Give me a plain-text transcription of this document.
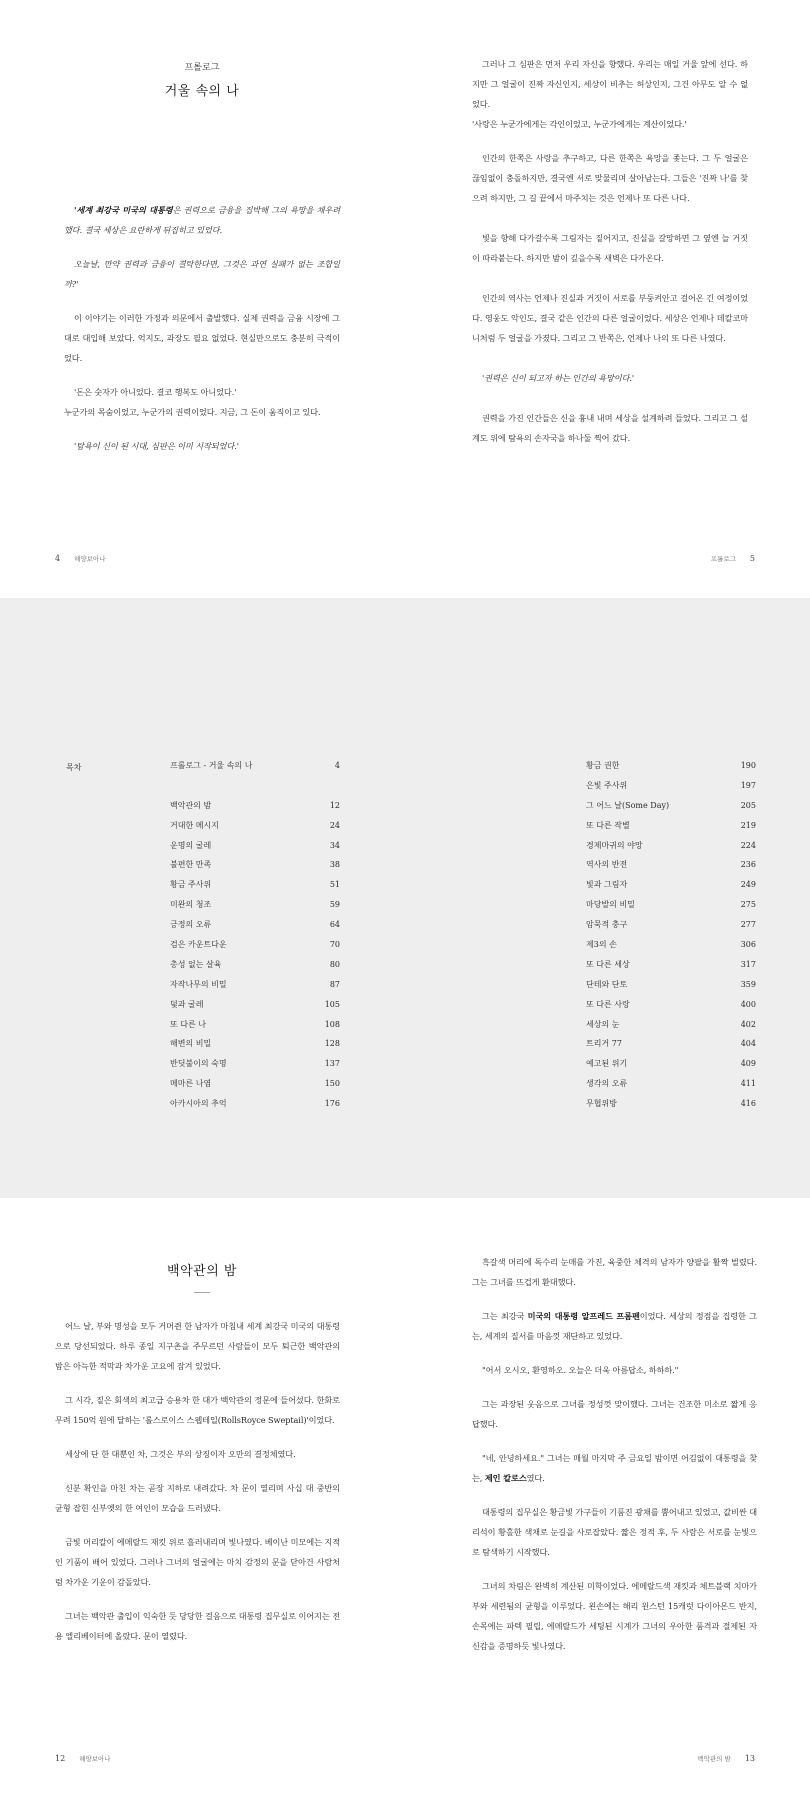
프롤로그
거울 속의 나

'세계 최강국 미국의 대통령은 권력으로 금융을 집박해 그의 욕망을 채우려 했다. 결국 세상은 요란하게 뒤집히고 있었다.

오늘날, 만약 권력과 금융이 결탁한다면, 그것은 과연 실패가 없는 조합일까?'

이 이야기는 이러한 가정과 의문에서 출발했다. 실제 권력을 금융 시장에 그대로 대입해 보았다. 억지도, 과장도 필요 없었다. 현실만으로도 충분히 극적이었다.

'돈은 숫자가 아니었다. 결코 행복도 아니었다.'
누군가의 목숨이었고, 누군가의 권력이었다. 지금, 그 돈이 움직이고 있다.

'탐욕이 신이 된 시대, 심판은 이미 시작되었다.'

그러나 그 심판은 먼저 우리 자신을 향했다. 우리는 매일 거울 앞에 선다. 하지만 그 얼굴이 진짜 자신인지, 세상이 비추는 허상인지, 그건 아무도 알 수 없었다.
'사랑은 누군가에게는 각인이었고, 누군가에게는 계산이었다.'

인간의 한쪽은 사랑을 추구하고, 다른 한쪽은 욕망을 좇는다. 그 두 얼굴은 끊임없이 충돌하지만, 결국엔 서로 맞물리며 살아남는다. 그들은 '진짜 나'를 찾으려 하지만, 그 길 끝에서 마주치는 것은 언제나 또 다른 나다.

빛을 향해 다가갈수록 그림자는 짙어지고, 진실을 갈망하면 그 옆엔 늘 거짓이 따라붙는다. 하지만 밤이 깊을수록 새벽은 다가온다.

인간의 역사는 언제나 진실과 거짓이 서로를 부둥켜안고 걸어온 긴 여정이었다. 영웅도 악인도, 결국 같은 인간의 다른 얼굴이었다. 세상은 언제나 데칼코마니처럼 두 얼굴을 가졌다. 그리고 그 반쪽은, 언제나 나의 또 다른 나였다.

'권력은 신이 되고자 하는 인간의 욕망이다.'

권력을 가진 인간들은 신을 흉내 내며 세상을 설계하려 들었다. 그리고 그 설계도 위에 탐욕의 손자국을 하나둘 찍어 갔다.

4 해양보아나	프롤로그 5
목차	프롤로그 - 거울 속의 나	4
백악관의 밤	12
거대한 메시지	24
운명의 굴레	34
불편한 만족	38
황금 주사위	51
미완의 청조	59
긍정의 오류	64
검은 카운트다운	70
총성 없는 살육	80
자작나무의 비밀	87
덫과 굴레	105
또 다른 나	108
해변의 비밀	128
반딧불이의 숙명	137
메마른 나염	150
아카시아의 추억	176
황금 권한	190
은빛 주사위	197
그 어느 날(Some Day)	205
또 다른 작별	219
경제마귀의 야망	224
역사의 반전	236
빛과 그림자	249
마당발의 비밀	275
암묵적 충구	277
제3의 손	306
또 다른 세상	317
단테와 단토	359
또 다른 사랑	400
세상의 눈	402
트리거 77	404
예고된 위기	409
생각의 오류	411
무협위방	416
백악관의 밤

어느 날, 부와 명성을 모두 거머쥔 한 남자가 마침내 세계 최강국 미국의 대통령으로 당선되었다. 하루 종일 지구촌을 주무르던 사람들이 모두 퇴근한 백악관의 밤은 아늑한 적막과 차가운 고요에 잠겨 있었다.

그 시각, 짙은 회색의 최고급 승용차 한 대가 백악관의 정문에 들어섰다. 한화로 무려 150억 원에 달하는 '롤스로이스 스웹테일(RollsRoyce Sweptail)'이었다.

세상에 단 한 대뿐인 차, 그것은 부의 상징이자 오만의 결정체였다.

신분 확인을 마친 차는 곧장 지하로 내려갔다. 차 문이 열리며 사십 대 중반의 균형 잡힌 신부엣의 한 여인이 모습을 드러냈다.

금빛 머리칼이 에메랄드 재킷 위로 흘러내리며 빛나였다. 베이난 미모에는 지적인 기품이 배어 있었다. 그러나 그녀의 얼굴에는 마치 감정의 문을 닫아건 사람처럼 차가운 기운이 감돌았다.

그녀는 백악관 출입이 익숙한 듯 당당한 걸음으로 대통령 집무실로 이어지는 전용 엘리베이터에 올랐다. 문이 열렸다.

흑갈색 머리에 독수리 눈매를 가진, 육중한 체격의 남자가 양팔을 활짝 벌렸다. 그는 그녀를 뜨겁게 환대했다.

그는 최강국 미국의 대통령 알프레드 프롬펜이었다. 세상의 정점을 집령한 그는, 세계의 질서를 마음껏 재단하고 있었다.

"어서 오시오, 환영하오. 오늘은 더욱 아름답소, 하하하."

그는 과장된 웃음으로 그녀를 정성껏 맞이했다. 그녀는 건조한 미소로 짧게 응답했다.

"네, 안녕하세요." 그녀는 매월 마지막 주 금요일 밤이면 어김없이 대통령을 찾는, 제인 칼로스였다.

대통령의 집무실은 황금빛 가구들이 기품진 광채를 뿜어내고 있었고, 값비싼 대리석이 황홀한 색채로 눈길을 사로잡았다. 짧은 정적 후, 두 사람은 서로를 눈빛으로 탐색하기 시작했다.

그녀의 차림은 완벽히 계산된 미학이었다. 에메랄드색 재킷과 체트블랙 치마가 부와 세련됨의 균형을 이루었다. 왼손에는 해리 윈스턴 15캐럿 다이아몬드 반지, 손목에는 파텍 필립, 에메랄드가 세팅된 시계가 그녀의 우아한 품격과 절제된 자신감을 증명하듯 빛나였다.

12 해양보아나	백악관의 밤 13
